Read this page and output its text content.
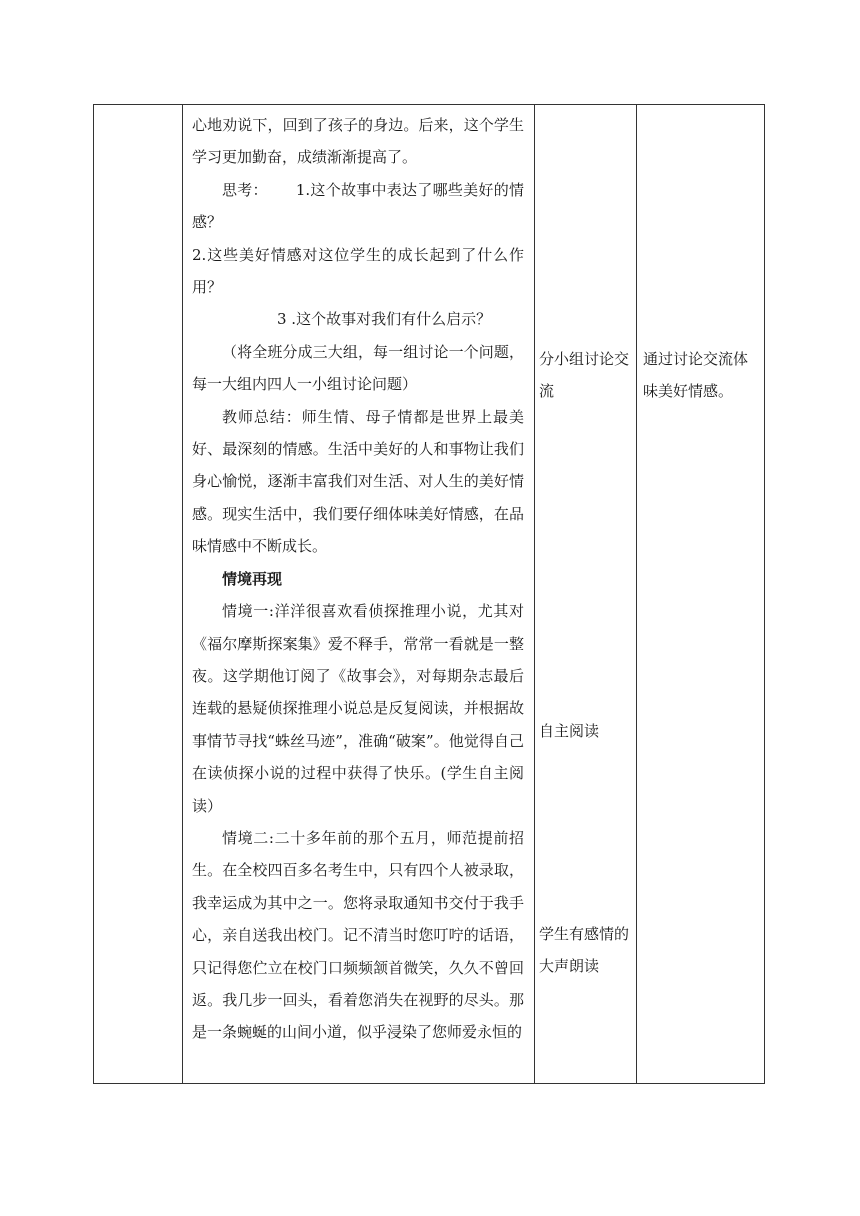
心地劝说下，回到了孩子的身边。后来，这个学生学习更加勤奋，成绩渐渐提高了。

思考： 1.这个故事中表达了哪些美好的情感？

2.这些美好情感对这位学生的成长起到了什么作用？

3 .这个故事对我们有什么启示？

（将全班分成三大组，每一组讨论一个问题，每一大组内四人一小组讨论问题）

教师总结：师生情、母子情都是世界上最美好、最深刻的情感。生活中美好的人和事物让我们身心愉悦，逐渐丰富我们对生活、对人生的美好情感。现实生活中，我们要仔细体味美好情感，在品味情感中不断成长。

情境再现

情境一:洋洋很喜欢看侦探推理小说，尤其对《福尔摩斯探案集》爱不释手，常常一看就是一整夜。这学期他订阅了《故事会》，对每期杂志最后连载的悬疑侦探推理小说总是反复阅读，并根据故事情节寻找“蛛丝马迹”，准确“破案”。他觉得自己在读侦探小说的过程中获得了快乐。(学生自主阅读）

情境二:二十多年前的那个五月，师范提前招生。在全校四百多名考生中，只有四个人被录取，我幸运成为其中之一。您将录取通知书交付于我手心，亲自送我出校门。记不清当时您叮咛的话语，只记得您伫立在校门口频频颔首微笑，久久不曾回返。我几步一回头，看着您消失在视野的尽头。那是一条蜿蜒的山间小道，似乎浸染了您师爱永恒的

分小组讨论交流
自主阅读
学生有感情的大声朗读
通过讨论交流体味美好情感。
